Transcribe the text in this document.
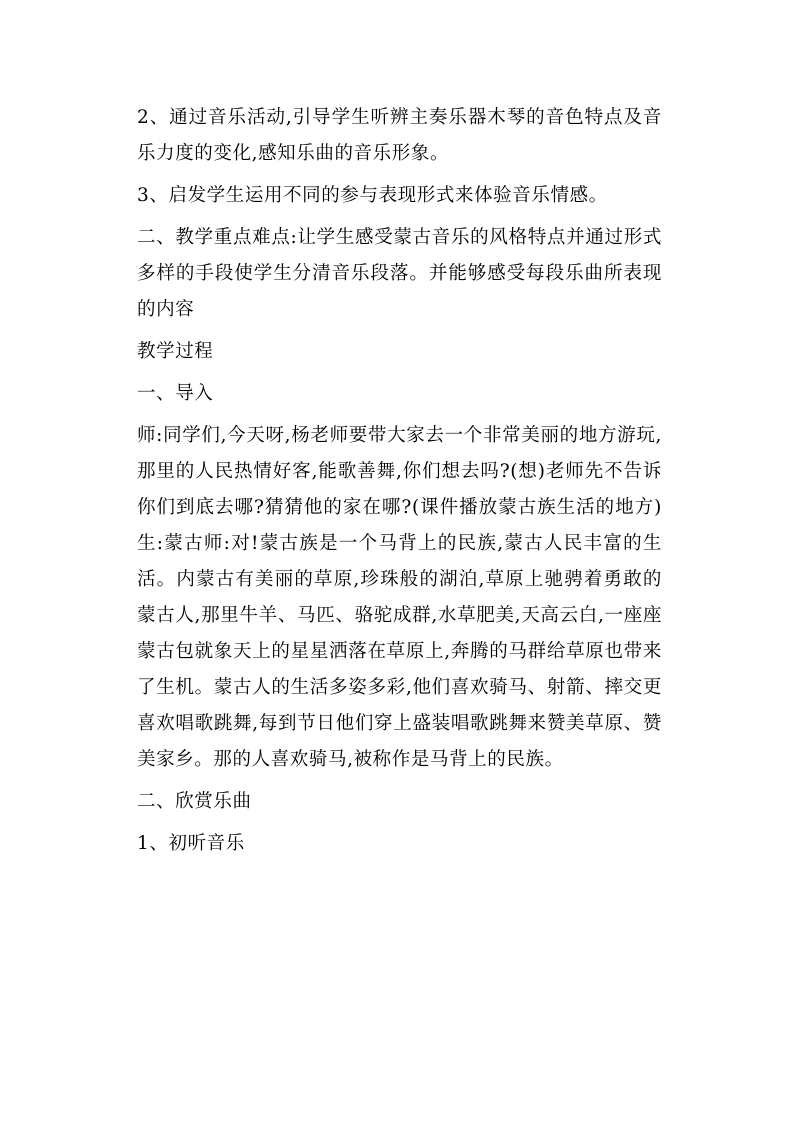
2、通过音乐活动,引导学生听辨主奏乐器木琴的音色特点及音乐力度的变化,感知乐曲的音乐形象。

3、启发学生运用不同的参与表现形式来体验音乐情感。

二、教学重点难点:让学生感受蒙古音乐的风格特点并通过形式多样的手段使学生分清音乐段落。并能够感受每段乐曲所表现的内容

教学过程

一、导入

师:同学们,今天呀,杨老师要带大家去一个非常美丽的地方游玩,那里的人民热情好客,能歌善舞,你们想去吗?(想)老师先不告诉你们到底去哪?猜猜他的家在哪?(课件播放蒙古族生活的地方)生:蒙古师:对!蒙古族是一个马背上的民族,蒙古人民丰富的生活。内蒙古有美丽的草原,珍珠般的湖泊,草原上驰骋着勇敢的蒙古人,那里牛羊、马匹、骆驼成群,水草肥美,天高云白,一座座蒙古包就象天上的星星洒落在草原上,奔腾的马群给草原也带来了生机。蒙古人的生活多姿多彩,他们喜欢骑马、射箭、摔交更喜欢唱歌跳舞,每到节日他们穿上盛装唱歌跳舞来赞美草原、赞美家乡。那的人喜欢骑马,被称作是马背上的民族。

二、欣赏乐曲

1、初听音乐
